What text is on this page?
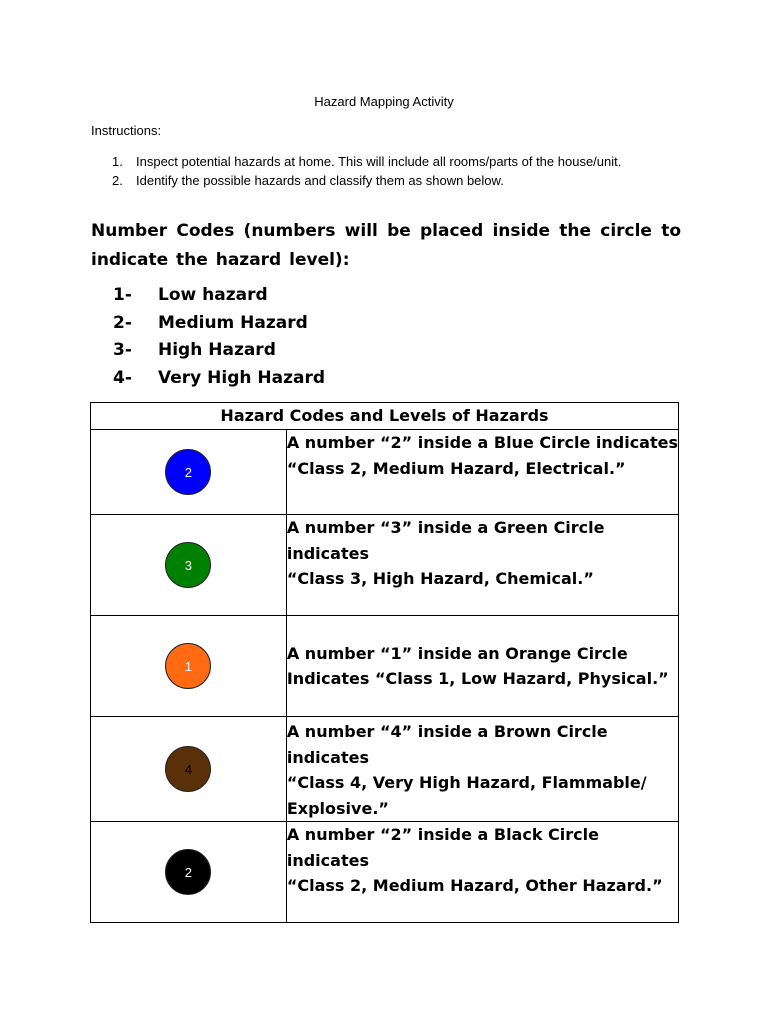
Hazard Mapping Activity
Instructions:
1. Inspect potential hazards at home. This will include all rooms/parts of the house/unit.
2. Identify the possible hazards and classify them as shown below.
Number Codes (numbers will be placed inside the circle to indicate the hazard level):
1- Low hazard
2- Medium Hazard
3- High Hazard
4- Very High Hazard
Hazard Codes and Levels of Hazards	
2	A number “2” inside a Blue Circle indicates
“Class 2, Medium Hazard, Electrical.”

3	A number “3” inside a Green Circle
indicates
“Class 3, High Hazard, Chemical.”

1	A number “1” inside an Orange Circle
Indicates “Class 1, Low Hazard, Physical.”

4	A number “4” inside a Brown Circle
indicates
“Class 4, Very High Hazard, Flammable/
Explosive.”

2	A number “2” inside a Black Circle
indicates
“Class 2, Medium Hazard, Other Hazard.”
